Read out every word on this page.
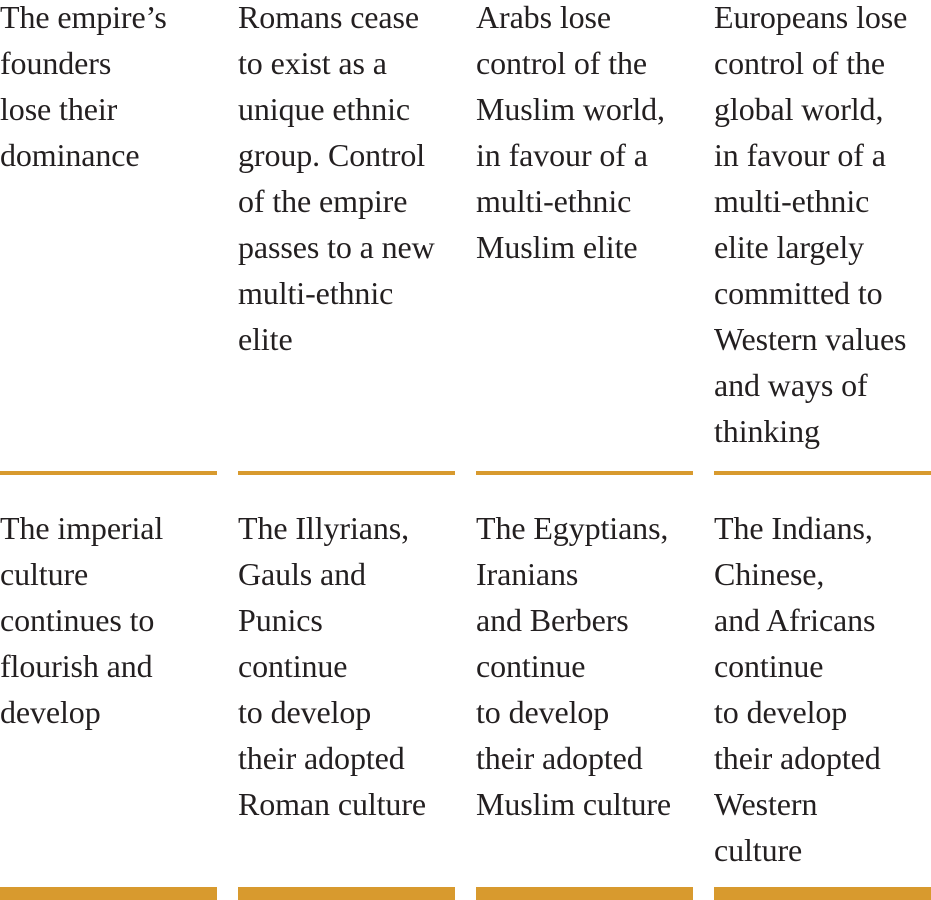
The empire’s
founders
lose their
dominance

Romans cease
to exist as a
unique ethnic
group. Control
of the empire
passes to a new
multi-ethnic
elite

Arabs lose
control of the
Muslim world,
in favour of a
multi-ethnic
Muslim elite

Europeans lose
control of the
global world,
in favour of a
multi-ethnic
elite largely
committed to
Western values
and ways of
thinking

The imperial
culture
continues to
flourish and
develop

The Illyrians,
Gauls and
Punics
continue
to develop
their adopted
Roman culture

The Egyptians,
Iranians
and Berbers
continue
to develop
their adopted
Muslim culture

The Indians,
Chinese,
and Africans
continue
to develop
their adopted
Western
culture
